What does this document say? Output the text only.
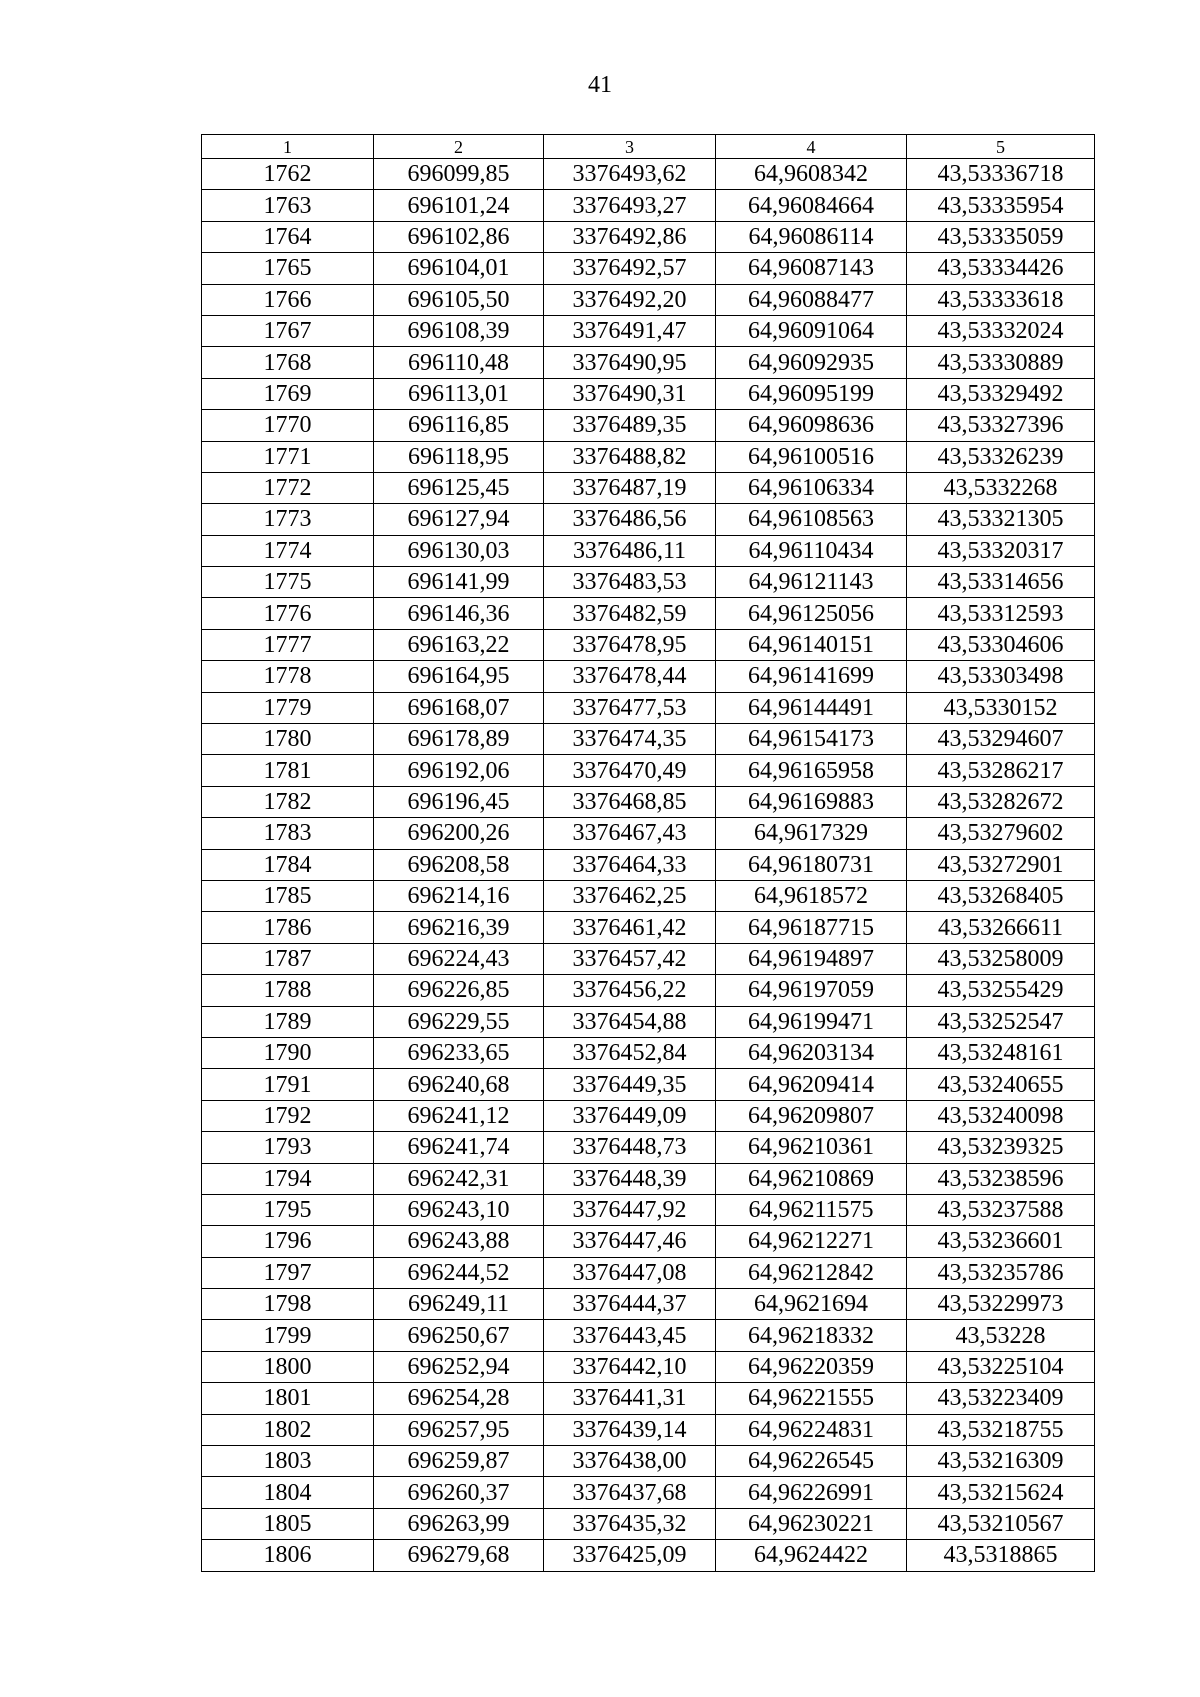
41
1	2	3	4	5
1762	696099,85	3376493,62	64,9608342	43,53336718
1763	696101,24	3376493,27	64,96084664	43,53335954
1764	696102,86	3376492,86	64,96086114	43,53335059
1765	696104,01	3376492,57	64,96087143	43,53334426
1766	696105,50	3376492,20	64,96088477	43,53333618
1767	696108,39	3376491,47	64,96091064	43,53332024
1768	696110,48	3376490,95	64,96092935	43,53330889
1769	696113,01	3376490,31	64,96095199	43,53329492
1770	696116,85	3376489,35	64,96098636	43,53327396
1771	696118,95	3376488,82	64,96100516	43,53326239
1772	696125,45	3376487,19	64,96106334	43,5332268
1773	696127,94	3376486,56	64,96108563	43,53321305
1774	696130,03	3376486,11	64,96110434	43,53320317
1775	696141,99	3376483,53	64,96121143	43,53314656
1776	696146,36	3376482,59	64,96125056	43,53312593
1777	696163,22	3376478,95	64,96140151	43,53304606
1778	696164,95	3376478,44	64,96141699	43,53303498
1779	696168,07	3376477,53	64,96144491	43,5330152
1780	696178,89	3376474,35	64,96154173	43,53294607
1781	696192,06	3376470,49	64,96165958	43,53286217
1782	696196,45	3376468,85	64,96169883	43,53282672
1783	696200,26	3376467,43	64,9617329	43,53279602
1784	696208,58	3376464,33	64,96180731	43,53272901
1785	696214,16	3376462,25	64,9618572	43,53268405
1786	696216,39	3376461,42	64,96187715	43,53266611
1787	696224,43	3376457,42	64,96194897	43,53258009
1788	696226,85	3376456,22	64,96197059	43,53255429
1789	696229,55	3376454,88	64,96199471	43,53252547
1790	696233,65	3376452,84	64,96203134	43,53248161
1791	696240,68	3376449,35	64,96209414	43,53240655
1792	696241,12	3376449,09	64,96209807	43,53240098
1793	696241,74	3376448,73	64,96210361	43,53239325
1794	696242,31	3376448,39	64,96210869	43,53238596
1795	696243,10	3376447,92	64,96211575	43,53237588
1796	696243,88	3376447,46	64,96212271	43,53236601
1797	696244,52	3376447,08	64,96212842	43,53235786
1798	696249,11	3376444,37	64,9621694	43,53229973
1799	696250,67	3376443,45	64,96218332	43,53228
1800	696252,94	3376442,10	64,96220359	43,53225104
1801	696254,28	3376441,31	64,96221555	43,53223409
1802	696257,95	3376439,14	64,96224831	43,53218755
1803	696259,87	3376438,00	64,96226545	43,53216309
1804	696260,37	3376437,68	64,96226991	43,53215624
1805	696263,99	3376435,32	64,96230221	43,53210567
1806	696279,68	3376425,09	64,9624422	43,5318865
